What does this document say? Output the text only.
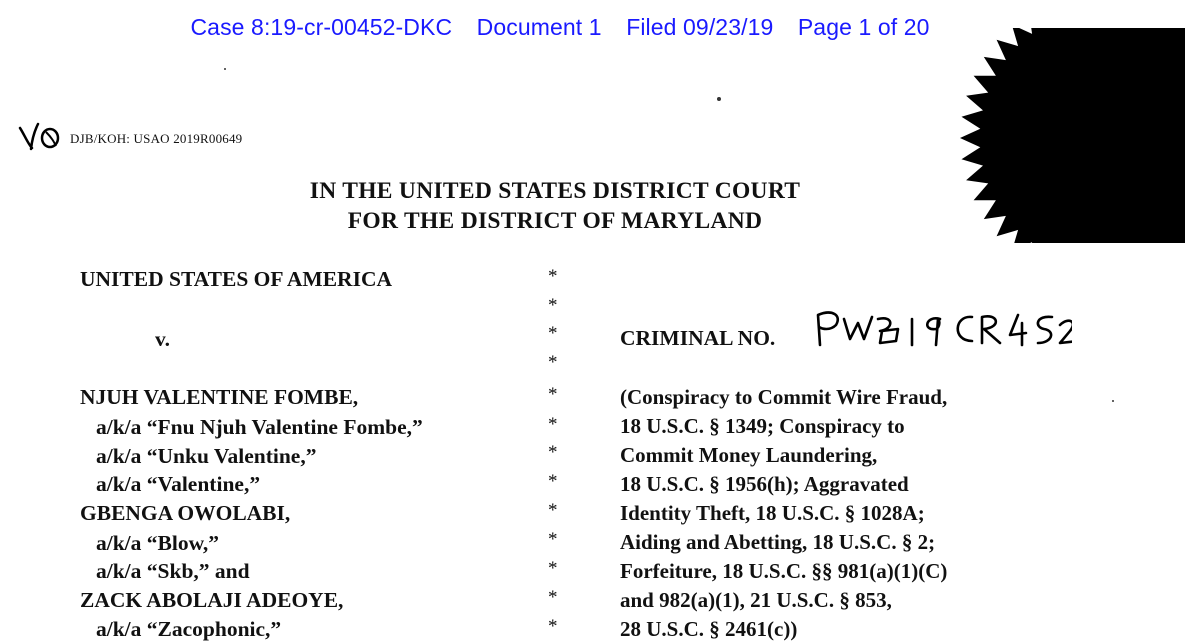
Case 8:19-cr-00452-DKC Document 1 Filed 09/23/19 Page 1 of 20
DJB/KOH: USAO 2019R00649
IN THE UNITED STATES DISTRICT COURT
FOR THE DISTRICT OF MARYLAND
UNITED STATES OF AMERICA
v.
NJUH VALENTINE FOMBE,
a/k/a “Fnu Njuh Valentine Fombe,”
a/k/a “Unku Valentine,”
a/k/a “Valentine,”
GBENGA OWOLABI,
a/k/a “Blow,”
a/k/a “Skb,” and
ZACK ABOLAJI ADEOYE,
a/k/a “Zacophonic,”
*
*
*
*
*
*
*
*
*
*
*
*
*
CRIMINAL NO.
(Conspiracy to Commit Wire Fraud,
18 U.S.C. § 1349; Conspiracy to
Commit Money Laundering,
18 U.S.C. § 1956(h); Aggravated
Identity Theft, 18 U.S.C. § 1028A;
Aiding and Abetting, 18 U.S.C. § 2;
Forfeiture, 18 U.S.C. §§ 981(a)(1)(C)
and 982(a)(1), 21 U.S.C. § 853,
28 U.S.C. § 2461(c))
